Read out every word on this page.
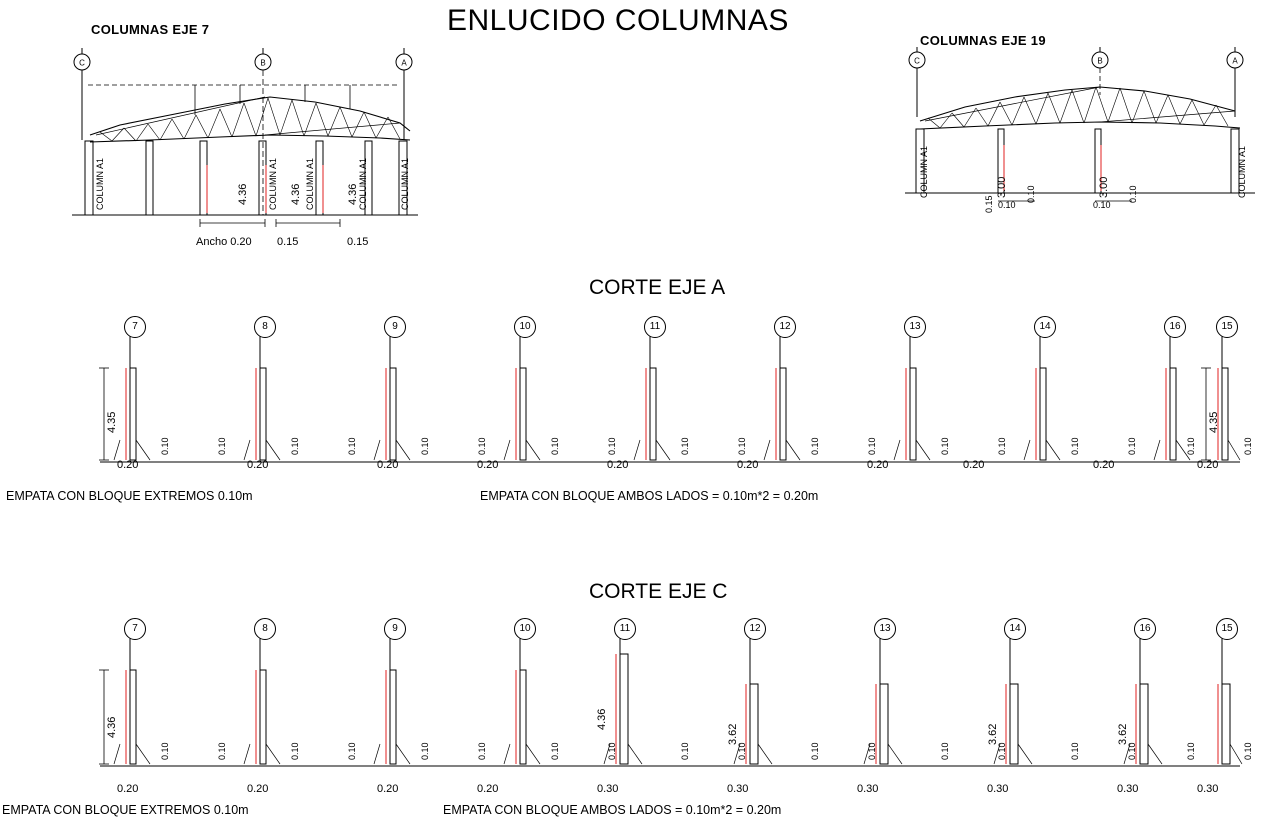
ENLUCIDO COLUMNAS
COLUMNAS EJE 7
C	B	A
COLUMN A1	COLUMN A1	COLUMN A1	COLUMN A1	COLUMN A1
4.36	4.36	4.36
Ancho 0.20 0.15	0.15
COLUMNAS EJE 19
C	B	A
COLUMN A1	COLUMN A1
3.00	3.00
0.15
0.10
0.10
0.10
0.10
CORTE EJE A
7	8	9	10	11	12	13	14	16	15
4.35	4.35
0.10	0.10	0.10	0.10	0.10	0.10	0.10	0.10	0.10	0.10	0.10	0.10	0.10	0.10	0.10	0.10	0.10	0.10
0.20	0.20	0.20	0.20	0.20	0.20	0.20	0.20	0.20	0.20
EMPATA CON BLOQUE EXTREMOS 0.10m	EMPATA CON BLOQUE AMBOS LADOS = 0.10m*2 = 0.20m
CORTE EJE C
7	8	9	10	11	12	13	14	16	15
4.36	4.36
3.62	3.62	3.62
0.10	0.10	0.10	0.10	0.10	0.10	0.10	0.10	0.10	0.10	0.10	0.10	0.10	0.10	0.10	0.10	0.10	0.10
0.20	0.20	0.20	0.20	0.30	0.30	0.30	0.30	0.30	0.30
EMPATA CON BLOQUE EXTREMOS 0.10m	EMPATA CON BLOQUE AMBOS LADOS = 0.10m*2 = 0.20m
